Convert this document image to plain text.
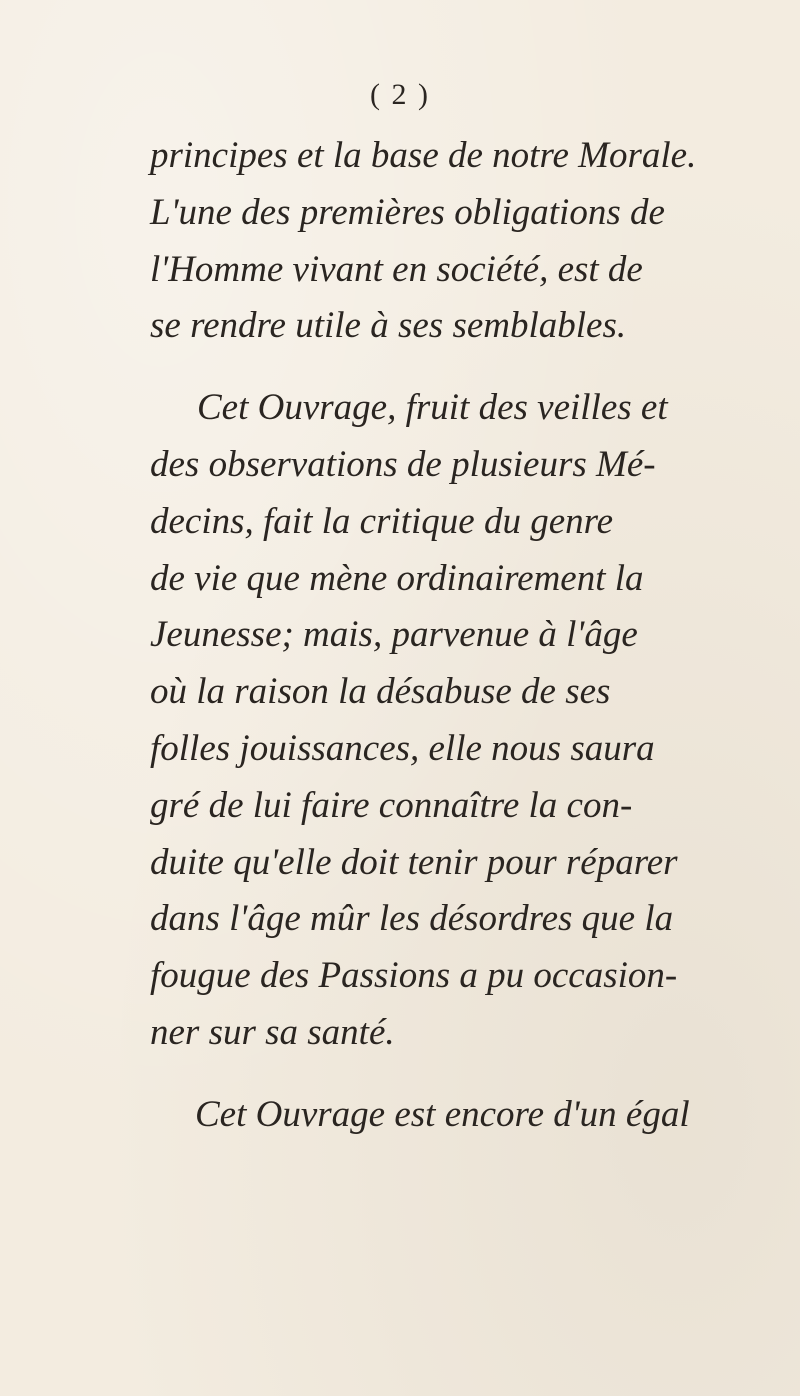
( 2 )
principes et la base de notre Morale.
L'une des premières obligations de
l'Homme vivant en société, est de
se rendre utile à ses semblables.
Cet Ouvrage, fruit des veilles et
des observations de plusieurs Mé-
decins, fait la critique du genre
de vie que mène ordinairement la
Jeunesse; mais, parvenue à l'âge
où la raison la désabuse de ses
folles jouissances, elle nous saura
gré de lui faire connaître la con-
duite qu'elle doit tenir pour réparer
dans l'âge mûr les désordres que la
fougue des Passions a pu occasion-
ner sur sa santé.
Cet Ouvrage est encore d'un égal
